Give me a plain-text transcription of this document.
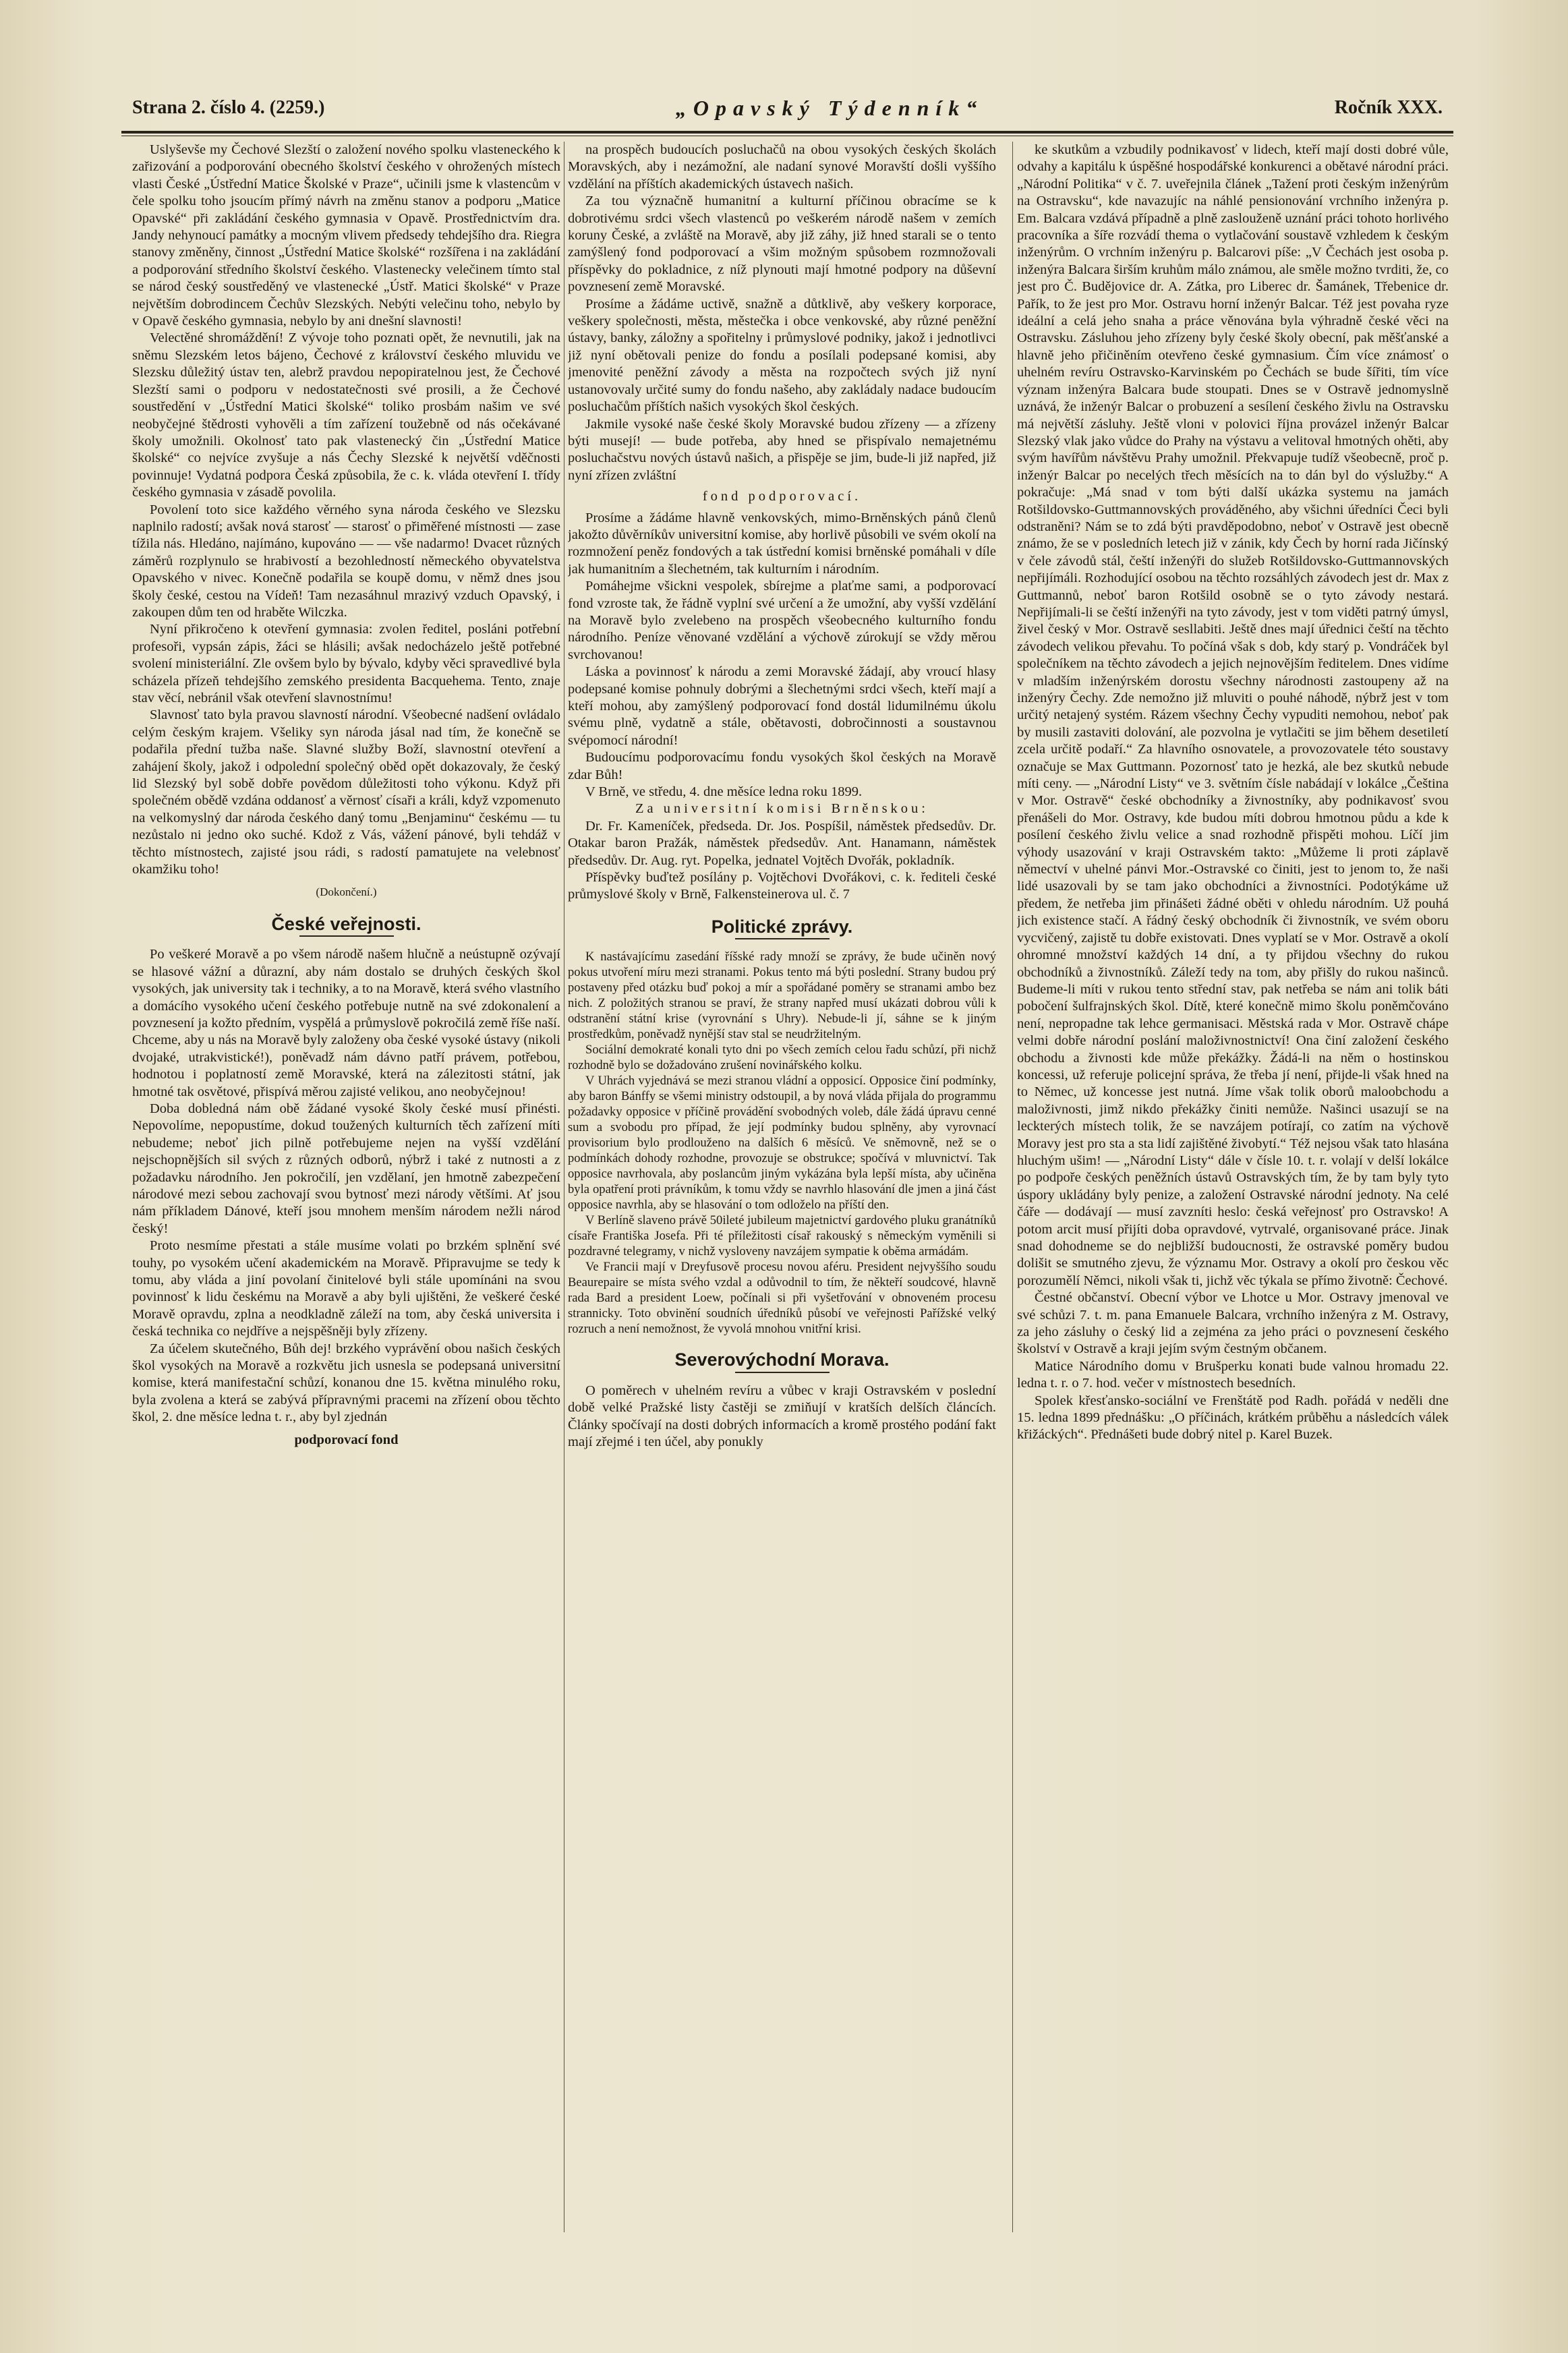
Strana 2. číslo 4. (2259.)	„Opavský Týdenník“	Ročník XXX.

Uslyševše my Čechové Slezští o založení nového spolku vlasteneckého k zařizování a podporování obecného školství českého v ohrožených místech vlasti České „Ústřední Matice Školské v Praze“, učinili jsme k vlastencům v čele spolku toho jsoucím přímý návrh na změnu stanov a podporu „Matice Opavské“ při zakládání českého gymnasia v Opavě. Prostřednictvím dra. Jandy nehynoucí památky a mocným vlivem předsedy tehdejšího dra. Riegra stanovy změněny, činnost „Ústřední Matice školské“ rozšířena i na zakládání a podporování středního školství českého. Vlastenecky velečinem tímto stal se národ český soustředěný ve vlastenecké „Ústř. Matici školské“ v Praze největším dobrodincem Čechův Slezských. Nebýti velečinu toho, nebylo by v Opavě českého gymnasia, nebylo by ani dnešní slavnosti!

Velectěné shromáždění! Z vývoje toho poznati opět, že nevnutili, jak na sněmu Slezském letos bájeno, Čechové z království českého mluvidu ve Slezsku důležitý ústav ten, alebrž pravdou nepopiratelnou jest, že Čechové Slezští sami o podporu v nedostatečnosti své prosili, a že Čechové soustředění v „Ústřední Matici školské“ toliko prosbám našim ve své neobyčejné štědrosti vyhověli a tím zařízení toužebně od nás očekávané školy umožnili. Okolnosť tato pak vlastenecký čin „Ústřední Matice školské“ co nejvíce zvyšuje a nás Čechy Slezské k největší vděčnosti povinnuje! Vydatná podpora Česká způsobila, že c. k. vláda otevření I. třídy českého gymnasia v zásadě povolila.

Povolení toto sice každého věrného syna národa českého ve Slezsku naplnilo radostí; avšak nová starosť — starosť o přiměřené místnosti — zase tížila nás. Hledáno, najímáno, kupováno — — vše nadarmo! Dvacet různých záměrů rozplynulo se hrabivostí a bezohledností německého obyvatelstva Opavského v nivec. Konečně podařila se koupě domu, v němž dnes jsou školy české, cestou na Vídeň! Tam nezasáhnul mrazivý vzduch Opavský, i zakoupen dům ten od hraběte Wilczka.

Nyní přikročeno k otevření gymnasia: zvolen ředitel, posláni potřební profesoři, vypsán zápis, žáci se hlásili; avšak nedocházelo ještě potřebné svolení ministeriální. Zle ovšem bylo by bývalo, kdyby věci spravedlivé byla scházela přízeň tehdejšího zemského presidenta Bacquehema. Tento, znaje stav věcí, nebránil však otevření slavnostnímu!

Slavnosť tato byla pravou slavností národní. Všeobecné nadšení ovládalo celým českým krajem. Všeliky syn národa jásal nad tím, že konečně se podařila přední tužba naše. Slavné služby Boží, slavnostní otevření a zahájení školy, jakož i odpolední společný oběd opět dokazovaly, že český lid Slezský byl sobě dobře povědom důležitosti toho výkonu. Když při společném obědě vzdána oddanosť a věrnosť císaři a králi, když vzpomenuto na velkomyslný dar národa českého daný tomu „Benjaminu“ českému — tu nezůstalo ni jedno oko suché. Kdož z Vás, vážení pánové, byli tehdáž v těchto místnostech, zajisté jsou rádi, s radostí pamatujete na velebnosť okamžiku toho!

(Dokončení.)

České veřejnosti.

Po veškeré Moravě a po všem národě našem hlučně a neústupně ozývají se hlasové vážní a důrazní, aby nám dostalo se druhých českých škol vysokých, jak university tak i techniky, a to na Moravě, která svého vlastního a domácího vysokého učení českého potřebuje nutně na své zdokonalení a povznesení ja kožto předním, vyspělá a průmyslově pokročilá země říše naší. Chceme, aby u nás na Moravě byly založeny oba české vysoké ústavy (nikoli dvojaké, utrakvistické!), poněvadž nám dávno patří právem, potřebou, hodnotou i poplatností země Moravské, která na zálezitosti státní, jak hmotné tak osvětové, přispívá měrou zajisté velikou, ano neobyčejnou!

Doba dobledná nám obě žádané vysoké školy české musí přinésti. Nepovolíme, nepopustíme, dokud toužených kulturních těch zařízení míti nebudeme; neboť jich pilně potřebujeme nejen na vyšší vzdělání nejschopnějších sil svých z různých odborů, nýbrž i také z nutnosti a z požadavku národního. Jen pokročilí, jen vzdělaní, jen hmotně zabezpečení národové mezi sebou zachovají svou bytnosť mezi národy většími. Ať jsou nám příkladem Dánové, kteří jsou mnohem menším národem nežli národ český!

Proto nesmíme přestati a stále musíme volati po brzkém splnění své touhy, po vysokém učení akademickém na Moravě. Připravujme se tedy k tomu, aby vláda a jiní povolaní činitelové byli stále upomínáni na svou povinnosť k lidu českému na Moravě a aby byli ujištěni, že veškeré české Moravě opravdu, zplna a neodkladně záleží na tom, aby česká universita i česká technika co nejdříve a nejspěšněji byly zřízeny.

Za účelem skutečného, Bůh dej! brzkého vyprávění obou našich českých škol vysokých na Moravě a rozkvětu jich usnesla se podepsaná universitní komise, která manifestační schůzí, konanou dne 15. května minulého roku, byla zvolena a která se zabývá přípravnými pracemi na zřízení obou těchto škol, 2. dne měsíce ledna t. r., aby byl zjednán

podporovací fond

na prospěch budoucích posluchačů na obou vysokých českých školách Moravských, aby i nezámožní, ale nadaní synové Moravští došli vyššího vzdělání na příštích akademických ústavech našich.

Za tou význačně humanitní a kulturní příčinou obracíme se k dobrotivému srdci všech vlastenců po veškerém národě našem v zemích koruny České, a zvláště na Moravě, aby již záhy, již hned starali se o tento zamýšlený fond podporovací a všim možným spůsobem rozmnožovali příspěvky do pokladnice, z níž plynouti mají hmotné podpory na důševní povznesení země Moravské.

Prosíme a žádáme uctivě, snažně a důtklivě, aby veškery korporace, veškery společnosti, města, městečka i obce venkovské, aby různé peněžní ústavy, banky, záložny a spořitelny i průmyslové podniky, jakož i jednotlivci již nyní obětovali penize do fondu a posílali podepsané komisi, aby jmenovité peněžní závody a města na rozpočtech svých již nyní ustanovovaly určité sumy do fondu našeho, aby zakládaly nadace budoucím posluchačům příštích našich vysokých škol českých.

Jakmile vysoké naše české školy Moravské budou zřízeny — a zřízeny býti musejí! — bude potřeba, aby hned se přispívalo nemajetnému posluchačstvu nových ústavů našich, a přispěje se jim, bude-li již napřed, již nyní zřízen zvláštní

fond podporovací.

Prosíme a žádáme hlavně venkovských, mimo-Brněnských pánů členů jakožto důvěrníkův universitní komise, aby horlivě působili ve svém okolí na rozmnožení peněz fondových a tak ústřední komisi brněnské pomáhali v díle jak humanitním a šlechetném, tak kulturním i národním.

Pomáhejme všickni vespolek, sbírejme a plaťme sami, a podporovací fond vzroste tak, že řádně vyplní své určení a že umožní, aby vyšší vzdělání na Moravě bylo zvelebeno na prospěch všeobecného kulturního fondu národního. Peníze věnované vzdělání a výchově zúrokují se vždy měrou svrchovanou!

Láska a povinnosť k národu a zemi Moravské žádají, aby vroucí hlasy podepsané komise pohnuly dobrými a šlechetnými srdci všech, kteří mají a kteří mohou, aby zamýšlený podporovací fond dostál lidumilnému úkolu svému plně, vydatně a stále, obětavosti, dobročinnosti a soustavnou svépomocí národní!

Budoucímu podporovacímu fondu vysokých škol českých na Moravě zdar Bůh!

V Brně, ve středu, 4. dne měsíce ledna roku 1899.

Za universitní komisi Brněnskou:

Dr. Fr. Kameníček, předseda. Dr. Jos. Pospíšil, náměstek předsedův. Dr. Otakar baron Pražák, náměstek předsedův. Ant. Hanamann, náměstek předsedův. Dr. Aug. ryt. Popelka, jednatel Vojtěch Dvořák, pokladník.

Příspěvky buďtež posílány p. Vojtěchovi Dvořákovi, c. k. řediteli české průmyslové školy v Brně, Falkensteinerova ul. č. 7

Politické zprávy.

K nastávajícímu zasedání říšské rady množí se zprávy, že bude učiněn nový pokus utvoření míru mezi stranami. Pokus tento má býti poslední. Strany budou prý postaveny před otázku buď pokoj a mír a spořádané poměry se stranami ambo bez nich. Z položitých stranou se praví, že strany napřed musí ukázati dobrou vůli k odstranění státní krise (vyrovnání s Uhry). Nebude-li jí, sáhne se k jiným prostředkům, poněvadž nynější stav stal se neudržitelným.

Sociální demokraté konali tyto dni po všech zemích celou řadu schůzí, při nichž rozhodně bylo se dožadováno zrušení novinářského kolku.

V Uhrách vyjednává se mezi stranou vládní a opposicí. Opposice činí podmínky, aby baron Bánffy se všemi ministry odstoupil, a by nová vláda přijala do programmu požadavky opposice v příčině provádění svobodných voleb, dále žádá úpravu cenné sum a svobodu pro případ, že její podmínky budou splněny, aby vyrovnací provisorium bylo prodlouženo na dalších 6 měsíců. Ve sněmovně, než se o podmínkách dohody rozhodne, provozuje se obstrukce; spočívá v mluvnictví. Tak opposice navrhovala, aby poslancům jiným vykázána byla lepší místa, aby učiněna byla opatření proti právníkům, k tomu vždy se navrhlo hlasování dle jmen a jiná část opposice navrhla, aby se hlasování o tom odloželo na příští den.

V Berlíně slaveno právě 50ileté jubileum majetnictví gardového pluku granátníků císaře Františka Josefa. Při té příležitosti císař rakouský s německým vyměnili si pozdravné telegramy, v nichž vysloveny navzájem sympatie k oběma armádám.

Ve Francii mají v Dreyfusově procesu novou aféru. President nejvyššího soudu Beaurepaire se místa svého vzdal a odůvodnil to tím, že někteří soudcové, hlavně rada Bard a president Loew, počínali si při vyšetřování v obnoveném procesu strannicky. Toto obvinění soudních úředníků působí ve veřejnosti Pařížské velký rozruch a není nemožnost, že vyvolá mnohou vnitřní krisi.

Severovýchodní Morava.

O poměrech v uhelném revíru a vůbec v kraji Ostravském v poslední době velké Pražské listy častěji se zmiňují v kratších delších článcích. Články spočívají na dosti dobrých informacích a kromě prostého podání fakt mají zřejmé i ten účel, aby ponukly

ke skutkům a vzbudily podnikavosť v lidech, kteří mají dosti dobré vůle, odvahy a kapitálu k úspěšné hospodářské konkurenci a obětavé národní práci. „Národní Politika“ v č. 7. uveřejnila článek „Tažení proti českým inženýrům na Ostravsku“, kde navazujíc na náhlé pensionování vrchního inženýra p. Em. Balcara vzdává případně a plně zaslouženě uznání práci tohoto horlivého pracovníka a šíře rozvádí thema o vytlačování soustavě vzhledem k českým inženýrům. O vrchním inženýru p. Balcarovi píše: „V Čechách jest osoba p. inženýra Balcara širším kruhům málo známou, ale směle možno tvrditi, že, co jest pro Č. Budějovice dr. A. Zátka, pro Liberec dr. Šamánek, Třebenice dr. Pařík, to že jest pro Mor. Ostravu horní inženýr Balcar. Též jest povaha ryze ideální a celá jeho snaha a práce věnována byla výhradně české věci na Ostravsku. Zásluhou jeho zřízeny byly české školy obecní, pak měšťanské a hlavně jeho přičiněním otevřeno české gymnasium. Čím více známosť o uhelném revíru Ostravsko-Karvinském po Čechách se bude šířiti, tím více význam inženýra Balcara bude stoupati. Dnes se v Ostravě jednomyslně uznává, že inženýr Balcar o probuzení a sesílení českého živlu na Ostravsku má největší zásluhy. Ještě vloni v polovici října provázel inženýr Balcar Slezský vlak jako vůdce do Prahy na výstavu a velitoval hmotných ohěti, aby svým havířům návštěvu Prahy umožnil. Překvapuje tudíž všeobecně, proč p. inženýr Balcar po necelých třech měsících na to dán byl do výslužby.“ A pokračuje: „Má snad v tom býti další ukázka systemu na jamách Rotšildovsko-Guttmannovských prováděného, aby všichni úředníci Čeci byli odstraněni? Nám se to zdá býti pravděpodobno, neboť v Ostravě jest obecně známo, že se v posledních letech již v zánik, kdy Čech by horní rada Jičínský v čele závodů stál, čeští inženýři do služeb Rotšildovsko-Guttmannovských nepřijímáli. Rozhodující osobou na těchto rozsáhlých závodech jest dr. Max z Guttmannů, neboť baron Rotšild osobně se o tyto závody nestará. Nepřijímali-li se čeští inženýři na tyto závody, jest v tom viděti patrný úmysl, živel český v Mor. Ostravě sesllabiti. Ještě dnes mají úřednici čeští na těchto závodech velikou převahu. To počíná však s dob, kdy starý p. Vondráček byl společníkem na těchto závodech a jejich nejnovějším ředitelem. Dnes vidíme v mladším inženýrském dorostu všechny národnosti zastoupeny až na inženýry Čechy. Zde nemožno již mluviti o pouhé náhodě, nýbrž jest v tom určitý netajený systém. Rázem všechny Čechy vypuditi nemohou, neboť pak by musili zastaviti dolování, ale pozvolna je vytlačiti se jim během desetiletí zcela určitě podaří.“ Za hlavního osnovatele, a provozovatele této soustavy označuje se Max Guttmann. Pozornosť tato je hezká, ale bez skutků nebude míti ceny. — „Národní Listy“ ve 3. světním čísle nabádají v lokálce „Čeština v Mor. Ostravě“ české obchodníky a živnostníky, aby podnikavosť svou přenášeli do Mor. Ostravy, kde budou míti dobrou hmotnou půdu a kde k posílení českého živlu velice a snad rozhodně přispěti mohou. Líčí jim výhody usazování v kraji Ostravském takto: „Můžeme li proti záplavě němectví v uhelné pánvi Mor.-Ostravské co činiti, jest to jenom to, že naši lidé usazovali by se tam jako obchodníci a živnostníci. Podotýkáme už předem, že netřeba jim přinášeti žádné oběti v ohledu národním. Už pouhá jich existence stačí. A řádný český obchodník či živnostník, ve svém oboru vycvičený, zajistě tu dobře existovati. Dnes vyplatí se v Mor. Ostravě a okolí ohromné množství každých 14 dní, a ty přijdou všechny do rukou obchodníků a živnostníků. Záleží tedy na tom, aby přišly do rukou našinců. Budeme-li míti v rukou tento střední stav, pak netřeba se nám ani tolik báti pobočení šulfrajnských škol. Dítě, které konečně mimo školu poněmčováno není, nepropadne tak lehce germanisaci. Městská rada v Mor. Ostravě chápe velmi dobře národní poslání maloživnostnictví! Ona činí založení českého obchodu a živnosti kde může překážky. Žádá-li na něm o hostinskou koncessi, už referuje policejní správa, že třeba jí není, přijde-li však hned na to Němec, už koncesse jest nutná. Jíme však tolik oborů maloobchodu a maloživnosti, jimž nikdo překážky činiti nemůže. Našinci usazují se na leckterých místech tolik, že se navzájem potírají, co zatím na výchově Moravy jest pro sta a sta lidí zajištěné živobytí.“ Též nejsou však tato hlasána hluchým ušim! — „Národní Listy“ dále v čísle 10. t. r. volají v delší lokálce po podpoře českých peněžních ústavů Ostravských tím, že by tam byly tyto úspory ukládány byly penize, a založení Ostravské národní jednoty. Na celé čáře — dodávají — musí zavzníti heslo: česká veřejnosť pro Ostravsko! A potom arcit musí přijíti doba opravdové, vytrvalé, organisované práce. Jinak snad dohodneme se do nejbližší budoucnosti, že ostravské poměry budou dolišit se smutného zjevu, že významu Mor. Ostravy a okolí pro českou věc porozumělí Němci, nikoli však ti, jichž věc týkala se přímo životně: Čechové.

Čestné občanství. Obecní výbor ve Lhotce u Mor. Ostravy jmenoval ve své schůzi 7. t. m. pana Emanuele Balcara, vrchního inženýra z M. Ostravy, za jeho zásluhy o český lid a zejména za jeho práci o povznesení českého školství v Ostravě a kraji jejím svým čestným občanem.

Matice Národního domu v Brušperku konati bude valnou hromadu 22. ledna t. r. o 7. hod. večer v místnostech besedních.

Spolek křesťansko-sociální ve Frenštátě pod Radh. pořádá v neděli dne 15. ledna 1899 přednášku: „O příčinách, krátkém průběhu a následcích válek křižáckých“. Přednášeti bude dobrý nitel p. Karel Buzek.
